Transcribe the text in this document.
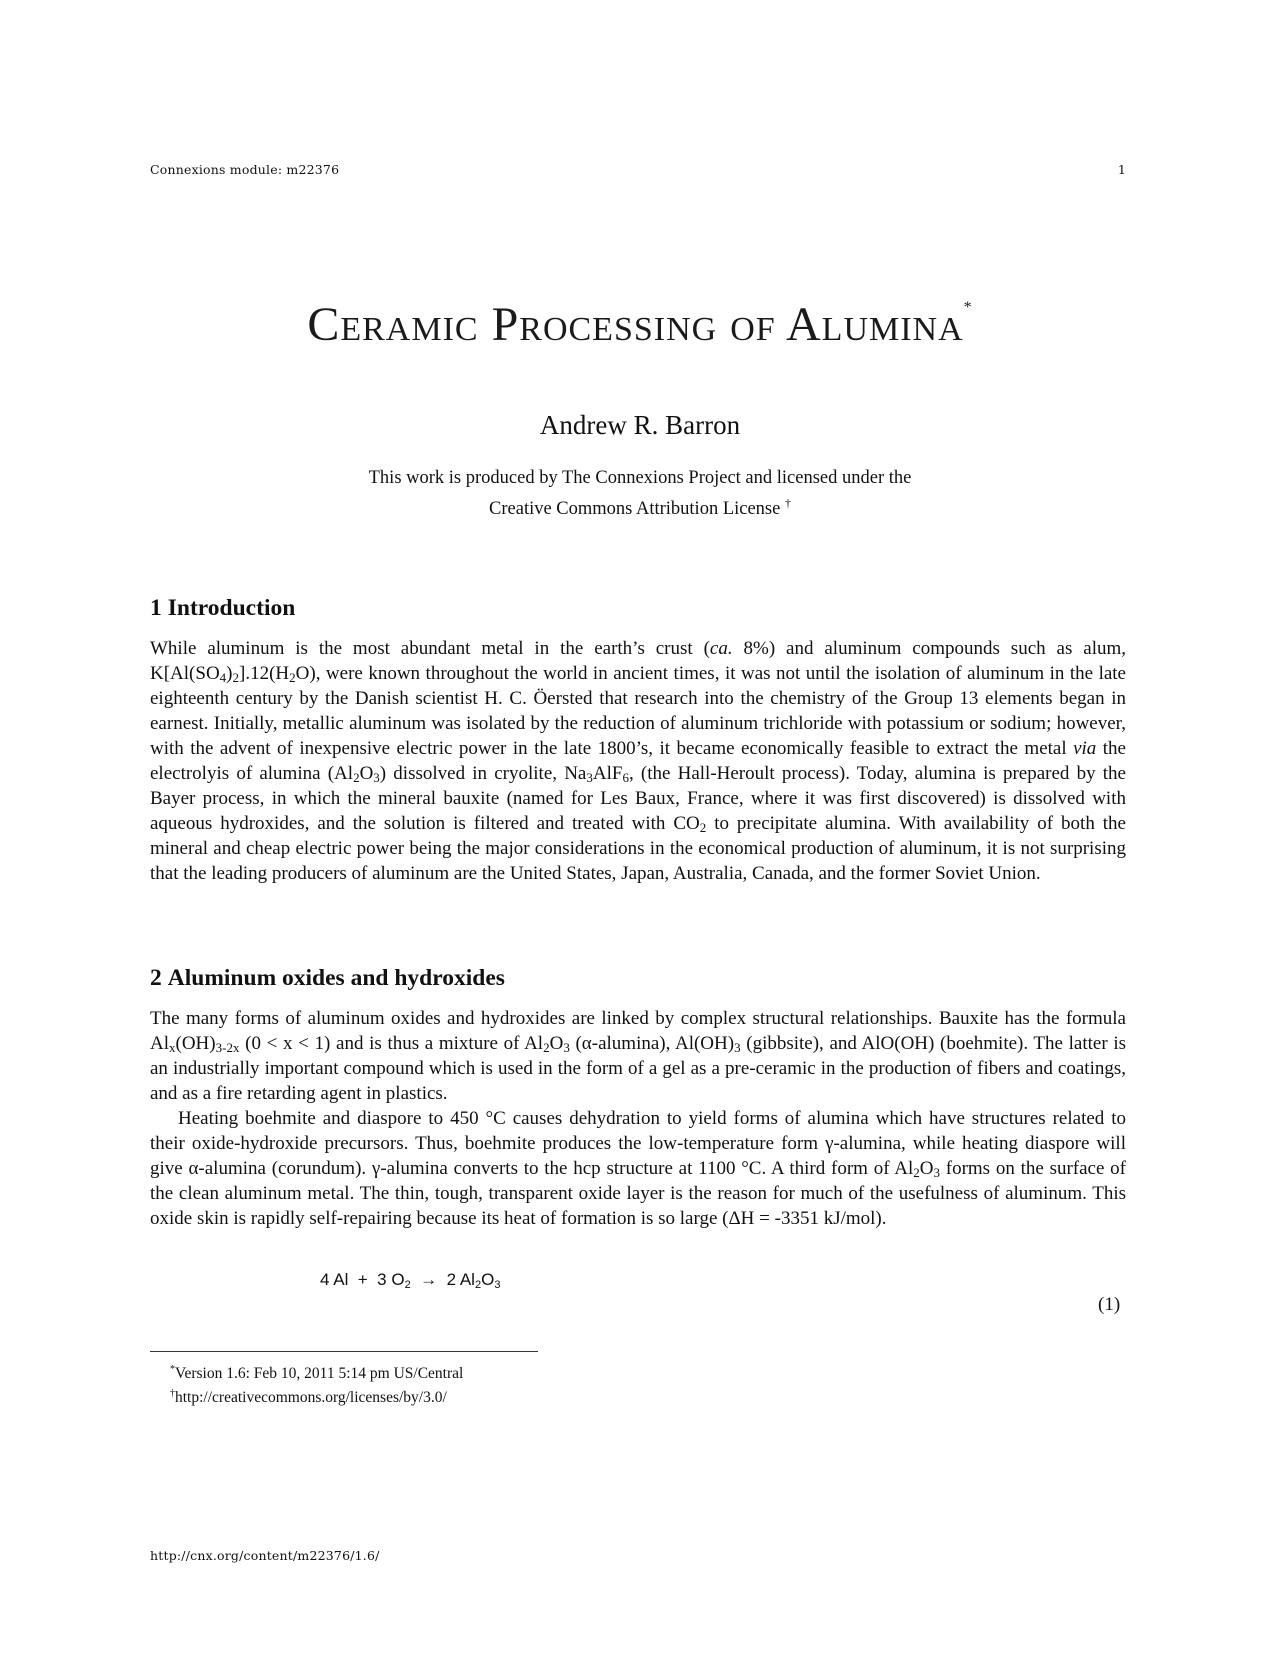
Connexions module: m22376	1
Ceramic Processing of Alumina*
Andrew R. Barron
This work is produced by The Connexions Project and licensed under the
Creative Commons Attribution License †
1 Introduction

While aluminum is the most abundant metal in the earth’s crust (ca. 8%) and aluminum compounds such as alum, $K[Al(SO_4)_2].12(H_2O)$, were known throughout the world in ancient times, it was not until the isolation of aluminum in the late eighteenth century by the Danish scientist H. C. Öersted that research into the chemistry of the Group 13 elements began in earnest. Initially, metallic aluminum was isolated by the reduction of aluminum trichloride with potassium or sodium; however, with the advent of inexpensive electric power in the late 1800’s, it became economically feasible to extract the metal via the electrolyis of alumina $(Al_2O_3)$ dissolved in cryolite, $Na_3AlF_6$, (the Hall-Heroult process). Today, alumina is prepared by the Bayer process, in which the mineral bauxite (named for Les Baux, France, where it was first discovered) is dissolved with aqueous hydroxides, and the solution is filtered and treated with $CO_2$ to precipitate alumina. With availability of both the mineral and cheap electric power being the major considerations in the economical production of aluminum, it is not surprising that the leading producers of aluminum are the United States, Japan, Australia, Canada, and the former Soviet Union.

2 Aluminum oxides and hydroxides

The many forms of aluminum oxides and hydroxides are linked by complex structural relationships. Bauxite has the formula $Al_x(OH)_{3-2x}$ (0 < x < 1) and is thus a mixture of $Al_2O_3$ (α-alumina), $Al(OH)_3$ (gibbsite), and AlO(OH) (boehmite). The latter is an industrially important compound which is used in the form of a gel as a pre-ceramic in the production of fibers and coatings, and as a fire retarding agent in plastics.

Heating boehmite and diaspore to 450 °C causes dehydration to yield forms of alumina which have structures related to their oxide-hydroxide precursors. Thus, boehmite produces the low-temperature form γ-alumina, while heating diaspore will give α-alumina (corundum). γ-alumina converts to the hcp structure at 1100 °C. A third form of $Al_2O_3$ forms on the surface of the clean aluminum metal. The thin, tough, transparent oxide layer is the reason for much of the usefulness of aluminum. This oxide skin is rapidly self-repairing because its heat of formation is so large (ΔH = -3351 kJ/mol).

4 Al  +  3 $O_2 \to 2$ $Al_2O_3$
(1)
*Version 1.6: Feb 10, 2011 5:14 pm US/Central
†http://creativecommons.org/licenses/by/3.0/
http://cnx.org/content/m22376/1.6/
